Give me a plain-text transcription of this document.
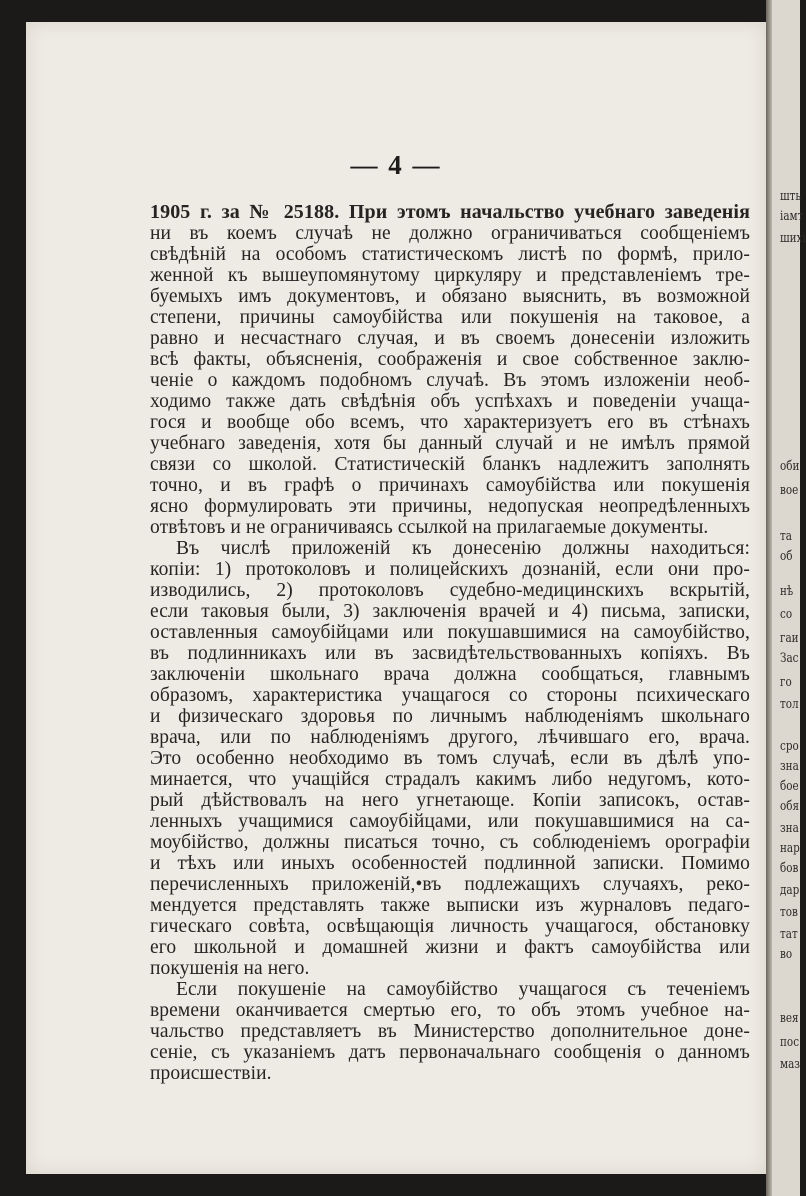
— 4 —
1905 г. за № 25188. При этомъ начальство учебнаго заведенія
ни въ коемъ случаѣ не должно ограничиваться сообщеніемъ
свѣдѣній на особомъ статистическомъ листѣ по формѣ, прило-
женной къ вышеупомянутому циркуляру и представленіемъ тре-
буемыхъ имъ документовъ, и обязано выяснить, въ возможной
степени, причины самоубійства или покушенія на таковое, а
равно и несчастнаго случая, и въ своемъ донесеніи изложить
всѣ факты, объясненія, соображенія и свое собственное заклю-
ченіе о каждомъ подобномъ случаѣ. Въ этомъ изложеніи необ-
ходимо также дать свѣдѣнія объ успѣхахъ и поведеніи учаща-
гося и вообще обо всемъ, что характеризуетъ его въ стѣнахъ
учебнаго заведенія, хотя бы данный случай и не имѣлъ прямой
связи со школой. Статистическій бланкъ надлежитъ заполнять
точно, и въ графѣ о причинахъ самоубійства или покушенія
ясно формулировать эти причины, недопуская неопредѣленныхъ
отвѣтовъ и не ограничиваясь ссылкой на прилагаемые документы.
Въ числѣ приложеній къ донесенію должны находиться:
копіи: 1) протоколовъ и полицейскихъ дознаній, если они про-
изводились, 2) протоколовъ судебно-медицинскихъ вскрытій,
если таковыя были, 3) заключенія врачей и 4) письма, записки,
оставленныя самоубійцами или покушавшимися на самоубійство,
въ подлинникахъ или въ засвидѣтельствованныхъ копіяхъ. Въ
заключеніи школьнаго врача должна сообщаться, главнымъ
образомъ, характеристика учащагося со стороны психическаго
и физическаго здоровья по личнымъ наблюденіямъ школьнаго
врача, или по наблюденіямъ другого, лѣчившаго его, врача.
Это особенно необходимо въ томъ случаѣ, если въ дѣлѣ упо-
минается, что учащійся страдалъ какимъ либо недугомъ, кото-
рый дѣйствовалъ на него угнетающе. Копіи записокъ, остав-
ленныхъ учащимися самоубійцами, или покушавшимися на са-
моубійство, должны писаться точно, съ соблюденіемъ орографіи
и тѣхъ или иныхъ особенностей подлинной записки. Помимо
перечисленныхъ приложеній,•въ подлежащихъ случаяхъ, реко-
мендуется представлять также выписки изъ журналовъ педаго-
гическаго совѣта, освѣщающія личность учащагося, обстановку
его школьной и домашней жизни и фактъ самоубійства или
покушенія на него.
Если покушеніе на самоубійство учащагося съ теченіемъ
времени оканчивается смертью его, то объ этомъ учебное на-
чальство представляетъ въ Министерство дополнительное доне-
сеніе, съ указаніемъ датъ первоначальнаго сообщенія о данномъ
происшествіи.
шть
іамт
шихі
оби
вое
та
об
нѣ
со
гаи
Зас
го
тол
сро
зна
бое
обя
зна
нар
бов
дар
тов
тат
во
вея
пос
маз
